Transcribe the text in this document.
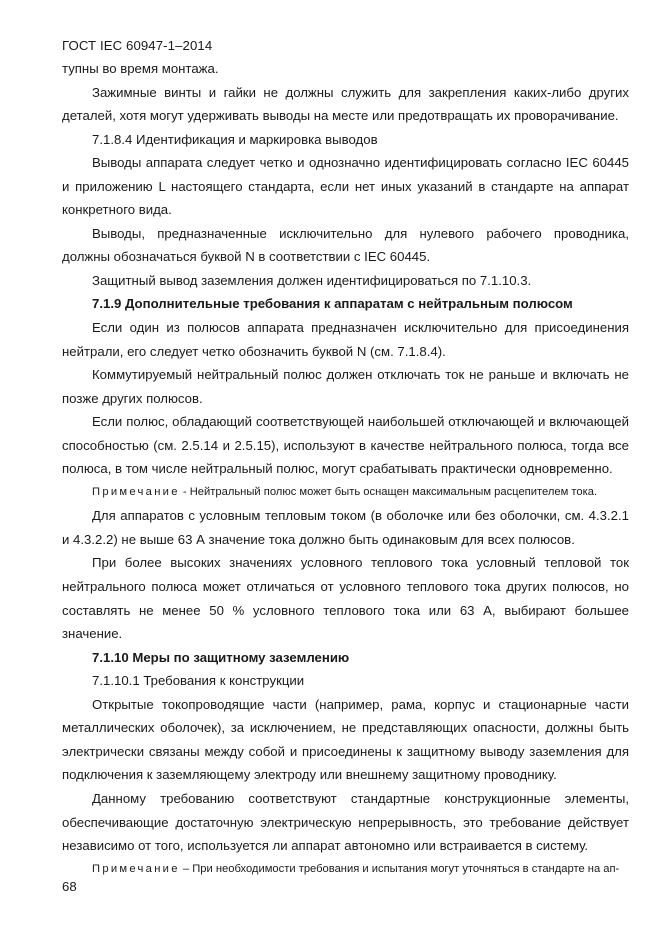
ГОСТ IEC 60947-1–2014

тупны во время монтажа.

Зажимные винты и гайки не должны служить для закрепления каких-либо других деталей, хотя могут удерживать выводы на месте или предотвращать их проворачивание.

7.1.8.4 Идентификация и маркировка выводов

Выводы аппарата следует четко и однозначно идентифицировать согласно IEC 60445 и приложению L настоящего стандарта, если нет иных указаний в стандарте на аппарат конкретного вида.

Выводы, предназначенные исключительно для нулевого рабочего проводника, должны обозначаться буквой N в соответствии с IEC 60445.

Защитный вывод заземления должен идентифицироваться по 7.1.10.3.

7.1.9 Дополнительные требования к аппаратам с нейтральным полюсом

Если один из полюсов аппарата предназначен исключительно для присоединения нейтрали, его следует четко обозначить буквой N (см. 7.1.8.4).

Коммутируемый нейтральный полюс должен отключать ток не раньше и включать не позже других полюсов.

Если полюс, обладающий соответствующей наибольшей отключающей и включающей способностью (см. 2.5.14 и 2.5.15), используют в качестве нейтрального полюса, тогда все полюса, в том числе нейтральный полюс, могут срабатывать практически одновременно.

Примечание - Нейтральный полюс может быть оснащен максимальным расцепителем тока.

Для аппаратов с условным тепловым током (в оболочке или без оболочки, см. 4.3.2.1 и 4.3.2.2) не выше 63 А значение тока должно быть одинаковым для всех полюсов.

При более высоких значениях условного теплового тока условный тепловой ток нейтрального полюса может отличаться от условного теплового тока других полюсов, но составлять не менее 50 % условного теплового тока или 63 А, выбирают большее значение.

7.1.10 Меры по защитному заземлению

7.1.10.1 Требования к конструкции

Открытые токопроводящие части (например, рама, корпус и стационарные части металлических оболочек), за исключением, не представляющих опасности, должны быть электрически связаны между собой и присоединены к защитному выводу заземления для подключения к заземляющему электроду или внешнему защитному проводнику.

Данному требованию соответствуют стандартные конструкционные элементы, обеспечивающие достаточную электрическую непрерывность, это требование действует независимо от того, используется ли аппарат автономно или встраивается в систему.

Примечание – При необходимости требования и испытания могут уточняться в стандарте на ап-

68
